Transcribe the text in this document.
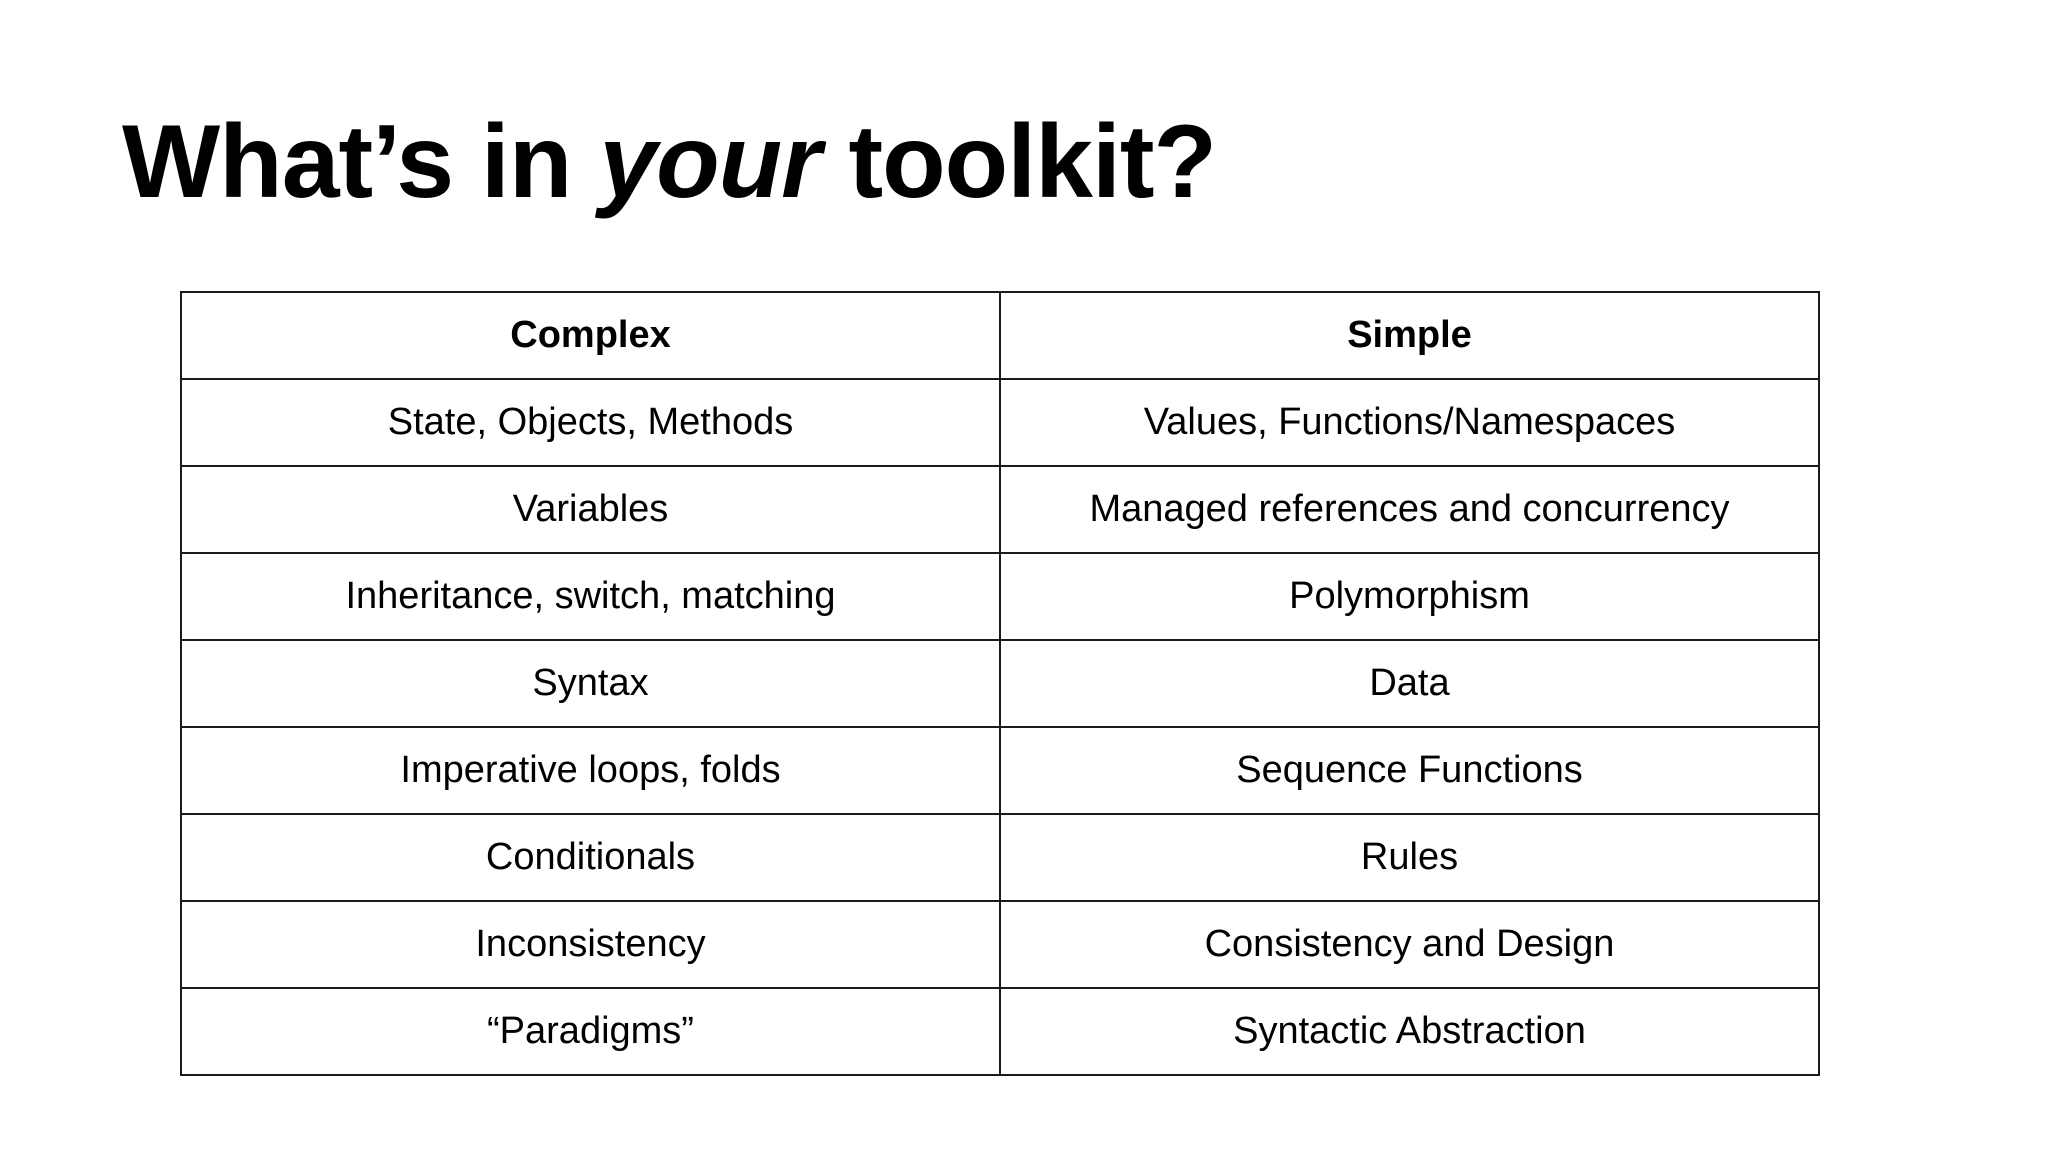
What’s in your toolkit?
Complex	Simple
State, Objects, Methods	Values, Functions/Namespaces
Variables	Managed references and concurrency
Inheritance, switch, matching	Polymorphism
Syntax	Data
Imperative loops, folds	Sequence Functions
Conditionals	Rules
Inconsistency	Consistency and Design
“Paradigms”	Syntactic Abstraction
